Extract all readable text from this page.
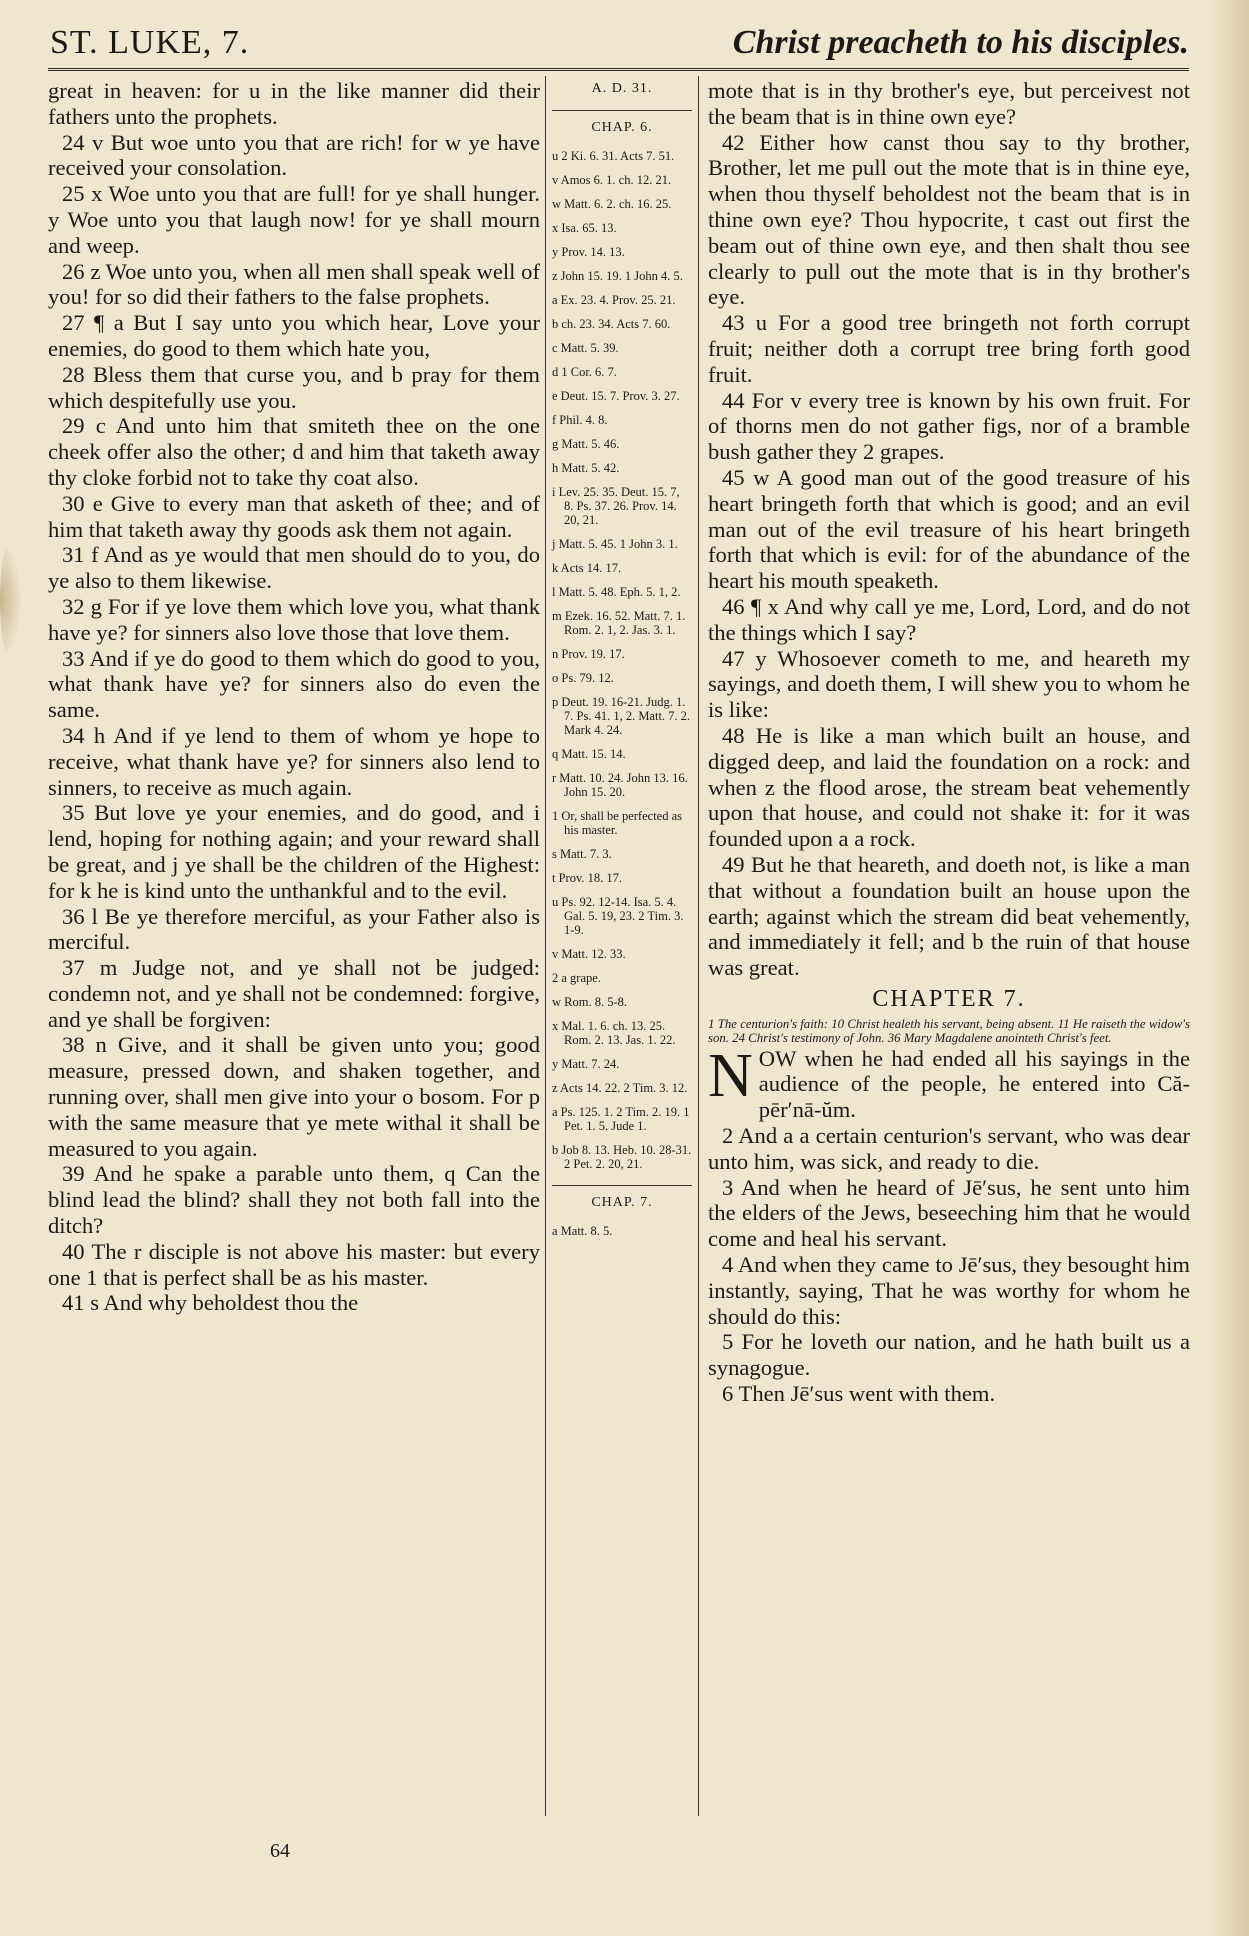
ST. LUKE, 7.	Christ preacheth to his disciples.

great in heaven: for u in the like manner did their fathers unto the prophets.

24 v But woe unto you that are rich! for w ye have received your consolation.

25 x Woe unto you that are full! for ye shall hunger. y Woe unto you that laugh now! for ye shall mourn and weep.

26 z Woe unto you, when all men shall speak well of you! for so did their fathers to the false prophets.

27 ¶ a But I say unto you which hear, Love your enemies, do good to them which hate you,

28 Bless them that curse you, and b pray for them which despitefully use you.

29 c And unto him that smiteth thee on the one cheek offer also the other; d and him that taketh away thy cloke forbid not to take thy coat also.

30 e Give to every man that asketh of thee; and of him that taketh away thy goods ask them not again.

31 f And as ye would that men should do to you, do ye also to them likewise.

32 g For if ye love them which love you, what thank have ye? for sinners also love those that love them.

33 And if ye do good to them which do good to you, what thank have ye? for sinners also do even the same.

34 h And if ye lend to them of whom ye hope to receive, what thank have ye? for sinners also lend to sinners, to receive as much again.

35 But love ye your enemies, and do good, and i lend, hoping for nothing again; and your reward shall be great, and j ye shall be the children of the Highest: for k he is kind unto the unthankful and to the evil.

36 l Be ye therefore merciful, as your Father also is merciful.

37 m Judge not, and ye shall not be judged: condemn not, and ye shall not be condemned: forgive, and ye shall be forgiven:

38 n Give, and it shall be given unto you; good measure, pressed down, and shaken together, and running over, shall men give into your o bosom. For p with the same measure that ye mete withal it shall be measured to you again.

39 And he spake a parable unto them, q Can the blind lead the blind? shall they not both fall into the ditch?

40 The r disciple is not above his master: but every one 1 that is perfect shall be as his master.

41 s And why beholdest thou the

A. D. 31.
CHAP. 6.
u 2 Ki. 6. 31. Acts 7. 51.
v Amos 6. 1. ch. 12. 21.
w Matt. 6. 2. ch. 16. 25.
x Isa. 65. 13.
y Prov. 14. 13.
z John 15. 19. 1 John 4. 5.
a Ex. 23. 4. Prov. 25. 21.
b ch. 23. 34. Acts 7. 60.
c Matt. 5. 39.
d 1 Cor. 6. 7.
e Deut. 15. 7. Prov. 3. 27.
f Phil. 4. 8.
g Matt. 5. 46.
h Matt. 5. 42.
i Lev. 25. 35. Deut. 15. 7, 8. Ps. 37. 26. Prov. 14. 20, 21.
j Matt. 5. 45. 1 John 3. 1.
k Acts 14. 17.
l Matt. 5. 48. Eph. 5. 1, 2.
m Ezek. 16. 52. Matt. 7. 1. Rom. 2. 1, 2. Jas. 3. 1.
n Prov. 19. 17.
o Ps. 79. 12.
p Deut. 19. 16-21. Judg. 1. 7. Ps. 41. 1, 2. Matt. 7. 2. Mark 4. 24.
q Matt. 15. 14.
r Matt. 10. 24. John 13. 16. John 15. 20.
1 Or, shall be perfected as his master.
s Matt. 7. 3.
t Prov. 18. 17.
u Ps. 92. 12-14. Isa. 5. 4. Gal. 5. 19, 23. 2 Tim. 3. 1-9.
v Matt. 12. 33.
2 a grape.
w Rom. 8. 5-8.
x Mal. 1. 6. ch. 13. 25. Rom. 2. 13. Jas. 1. 22.
y Matt. 7. 24.
z Acts 14. 22. 2 Tim. 3. 12.
a Ps. 125. 1. 2 Tim. 2. 19. 1 Pet. 1. 5. Jude 1.
b Job 8. 13. Heb. 10. 28-31. 2 Pet. 2. 20, 21.
CHAP. 7.
a Matt. 8. 5.

mote that is in thy brother's eye, but perceivest not the beam that is in thine own eye?

42 Either how canst thou say to thy brother, Brother, let me pull out the mote that is in thine eye, when thou thyself beholdest not the beam that is in thine own eye? Thou hypocrite, t cast out first the beam out of thine own eye, and then shalt thou see clearly to pull out the mote that is in thy brother's eye.

43 u For a good tree bringeth not forth corrupt fruit; neither doth a corrupt tree bring forth good fruit.

44 For v every tree is known by his own fruit. For of thorns men do not gather figs, nor of a bramble bush gather they 2 grapes.

45 w A good man out of the good treasure of his heart bringeth forth that which is good; and an evil man out of the evil treasure of his heart bringeth forth that which is evil: for of the abundance of the heart his mouth speaketh.

46 ¶ x And why call ye me, Lord, Lord, and do not the things which I say?

47 y Whosoever cometh to me, and heareth my sayings, and doeth them, I will shew you to whom he is like:

48 He is like a man which built an house, and digged deep, and laid the foundation on a rock: and when z the flood arose, the stream beat vehemently upon that house, and could not shake it: for it was founded upon a a rock.

49 But he that heareth, and doeth not, is like a man that without a foundation built an house upon the earth; against which the stream did beat vehemently, and immediately it fell; and b the ruin of that house was great.

CHAPTER 7.

1 The centurion's faith: 10 Christ healeth his servant, being absent. 11 He raiseth the widow's son. 24 Christ's testimony of John. 36 Mary Magdalene anointeth Christ's feet.

NOW when he had ended all his sayings in the audience of the people, he entered into Că-pēr′nā-ŭm.

2 And a a certain centurion's servant, who was dear unto him, was sick, and ready to die.

3 And when he heard of Jē′sus, he sent unto him the elders of the Jews, beseeching him that he would come and heal his servant.

4 And when they came to Jē′sus, they besought him instantly, saying, That he was worthy for whom he should do this:

5 For he loveth our nation, and he hath built us a synagogue.

6 Then Jē′sus went with them.

64
